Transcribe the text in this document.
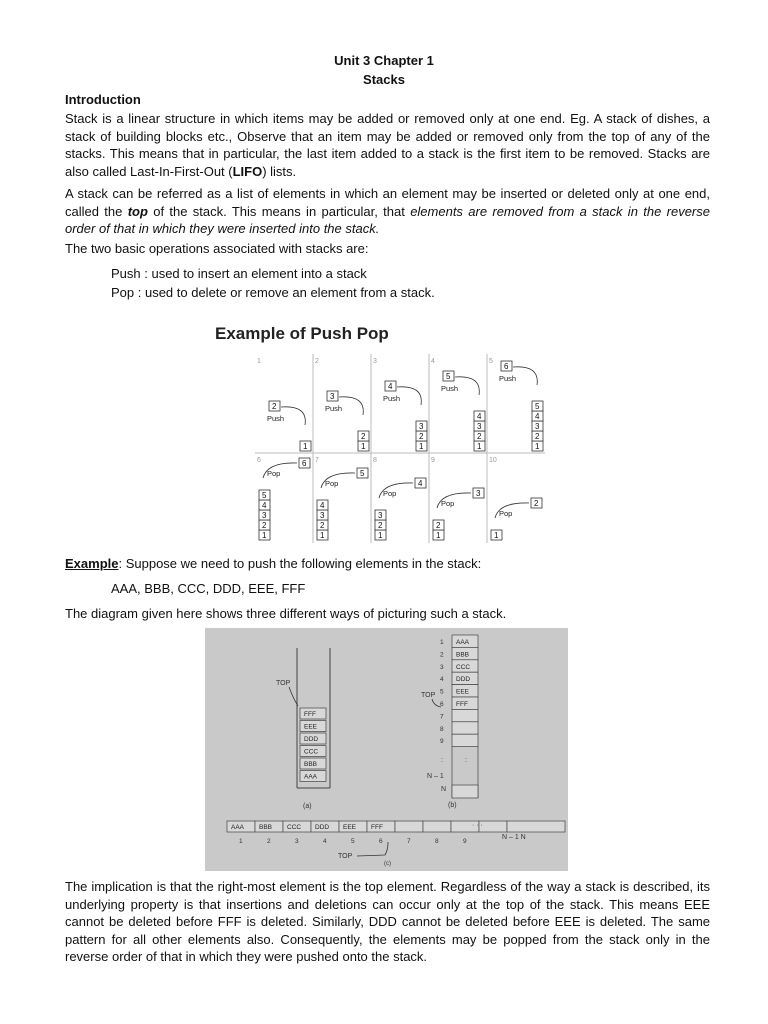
Unit 3 Chapter 1

Stacks

Introduction

Stack is a linear structure in which items may be added or removed only at one end. Eg. A stack of dishes, a stack of building blocks etc., Observe that an item may be added or removed only from the top of any of the stacks. This means that in particular, the last item added to a stack is the first item to be removed. Stacks are also called Last-In-First-Out (LIFO) lists.

A stack can be referred as a list of elements in which an element may be inserted or deleted only at one end, called the top of the stack. This means in particular, that elements are removed from a stack in the reverse order of that in which they were inserted into the stack.

The two basic operations associated with stacks are:

Push : used to insert an element into a stack

Pop : used to delete or remove an element from a stack.

Example of Push Pop
1
1
2
Push
2
1
2
3
Push
3
1
2
3
4
Push
4
1
2
3
4
5
Push
5
1
2
3
4
5
6
Push
6
1
2
3
4
5
6
Pop
7
1
2
3
4
5
Pop
8
1
2
3
4
Pop
9
1
2
3
Pop
10
1
2
Pop

Example: Suppose we need to push the following elements in the stack:

AAA, BBB, CCC, DDD, EEE, FFF

The diagram given here shows three different ways of picturing such a stack.

AAA
BBB
CCC
DDD
EEE
FFF
TOP
(a)
1 AAA
2 BBB
3 CCC
4 DDD
5 EEE
6 FFF
7
8
9
TOP
:	:
N – 1
N
(b)
AAA
1
BBB
2
CCC
3
DDD
4
EEE
5
FFF
6	7	8	9
· · ·
N – 1 N
TOP
(c)

The implication is that the right-most element is the top element. Regardless of the way a stack is described, its underlying property is that insertions and deletions can occur only at the top of the stack. This means EEE cannot be deleted before FFF is deleted. Similarly, DDD cannot be deleted before EEE is deleted. The same pattern for all other elements also. Consequently, the elements may be popped from the stack only in the reverse order of that in which they were pushed onto the stack.
